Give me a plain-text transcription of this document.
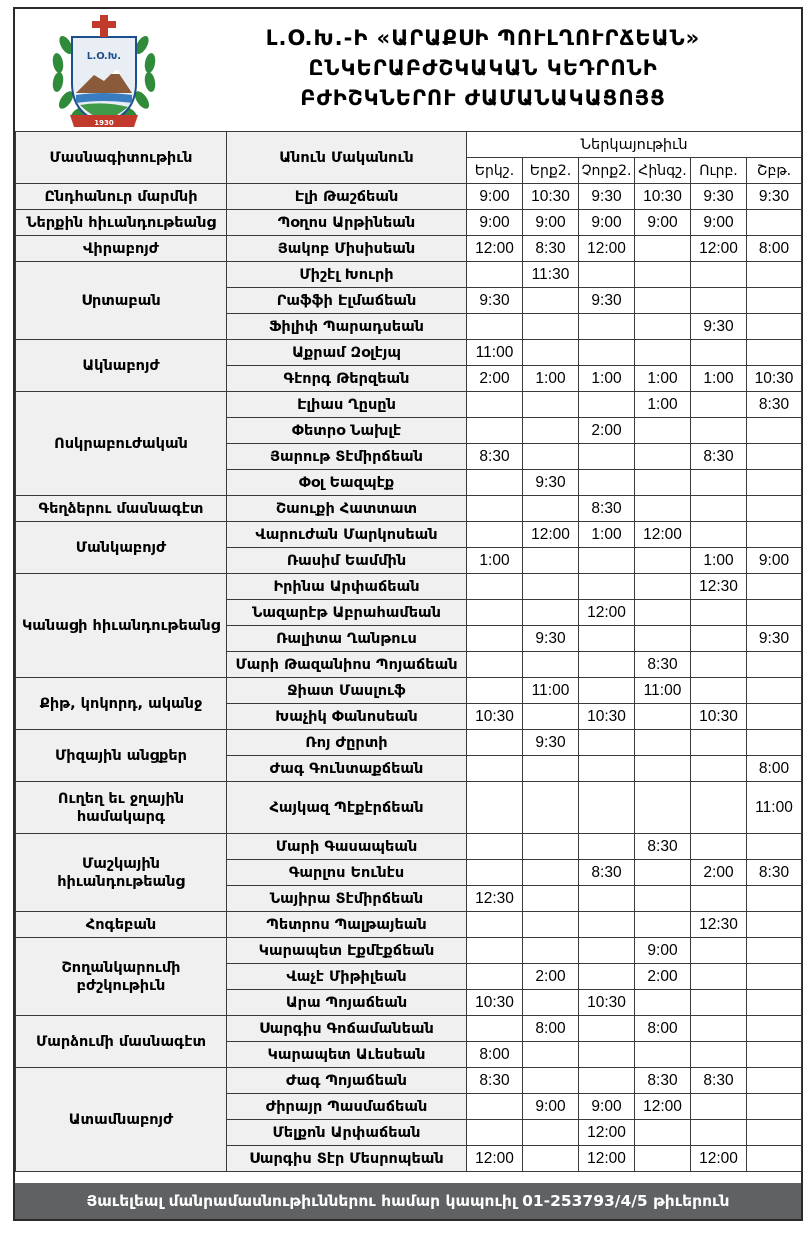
Լ.Օ.Խ.
1930
Լ.Օ.Խ.-Ի «ԱՐԱՔՍԻ ՊՈՒԼՂՈՒՐՃԵԱՆ»
ԸՆԿԵՐԱԲԺՇԿԱԿԱՆ ԿԵԴՐՈՆԻ
ԲԺԻՇԿՆԵՐՈՒ ԺԱՄԱՆԱԿԱՑՈՅՑ
Մասնագիտութիւն	Անուն Մականուն	Ներկայութիւն					
		Երկշ.	Երք2.	Չորք2.	Հինգշ.	Ուրբ.	Շբթ.
Ընդհանուր մարմնի	Էլի Թաշճեան	9:00	10:30	9:30	10:30	9:30	9:30
Ներքին հիւանդութեանց	Պօղոս Արթինեան	9:00	9:00	9:00	9:00	9:00	
Վիրաբոյժ	Յակոբ Միսիսեան	12:00	8:30	12:00		12:00	8:00
Սրտաբան	Միշէլ Խուրի		11:30				
	Րաֆֆի Էլմաճեան	9:30		9:30			
	Ֆիլիփ Պարադսեան					9:30	
Ակնաբոյժ	Աքրամ Զօլէյպ	11:00					
	Գէորգ Թերզեան	2:00	1:00	1:00	1:00	1:00	10:30
Ոսկրաբուժական	Էլիաս Ղըսըն				1:00		8:30
	Փետրօ Նախլէ			2:00			
	Յարութ Տէմիրճեան	8:30				8:30	
	Փօլ Եազպէք		9:30				
Գեղձերու մասնագէտ	Շաուքի Հատտատ			8:30			
Մանկաբոյժ	Վարուժան Մարկոսեան		12:00	1:00	12:00		
	Ռասիմ Եամմին	1:00				1:00	9:00
Կանացի հիւանդութեանց	Իրինա Արփաճեան					12:30	
	Նազարէթ Աբրահամեան			12:00			
	Ռալիտա Ղանթուս		9:30				9:30
	Մարի Թազանիոս Պոյաճեան				8:30		
Քիթ, կոկորդ, ականջ	Ջիատ Մասլուֆ		11:00		11:00		
	Խաչիկ Փանոսեան	10:30		10:30		10:30	
Միզային անցքեր	Ռոյ Ժըրտի		9:30				
	Ժագ Գունտաքճեան						8:00
Ուղեղ եւ ջղային համակարգ	Հայկազ Պէքէրճեան						11:00
Մաշկային հիւանդութեանց	Մարի Գասապեան				8:30		
	Գարլոս Եունէս			8:30		2:00	8:30
	Նայիրա Տէմիրճեան	12:30					
Հոգեբան	Պետրոս Պալթայեան					12:30	
Շողանկարումի բժշկութիւն	Կարապետ Էքմէքճեան				9:00		
	Վաչէ Միթիլեան		2:00		2:00		
	Արա Պոյաճեան	10:30		10:30			
Մարձումի մասնագէտ	Սարգիս Գոճամանեան		8:00		8:00		
	Կարապետ Աւեսեան	8:00					
Ատամնաբոյժ	Ժագ Պոյաճեան	8:30			8:30	8:30	
	Ժիրայր Պասմաճեան		9:00	9:00	12:00		
	Մելքոն Արփաճեան			12:00			
	Սարգիս Տէր Մեսրոպեան	12:00		12:00		12:00	
Յաւելեալ մանրամասնութիւններու համար կապուիլ 01-253793/4/5 թիւերուն
